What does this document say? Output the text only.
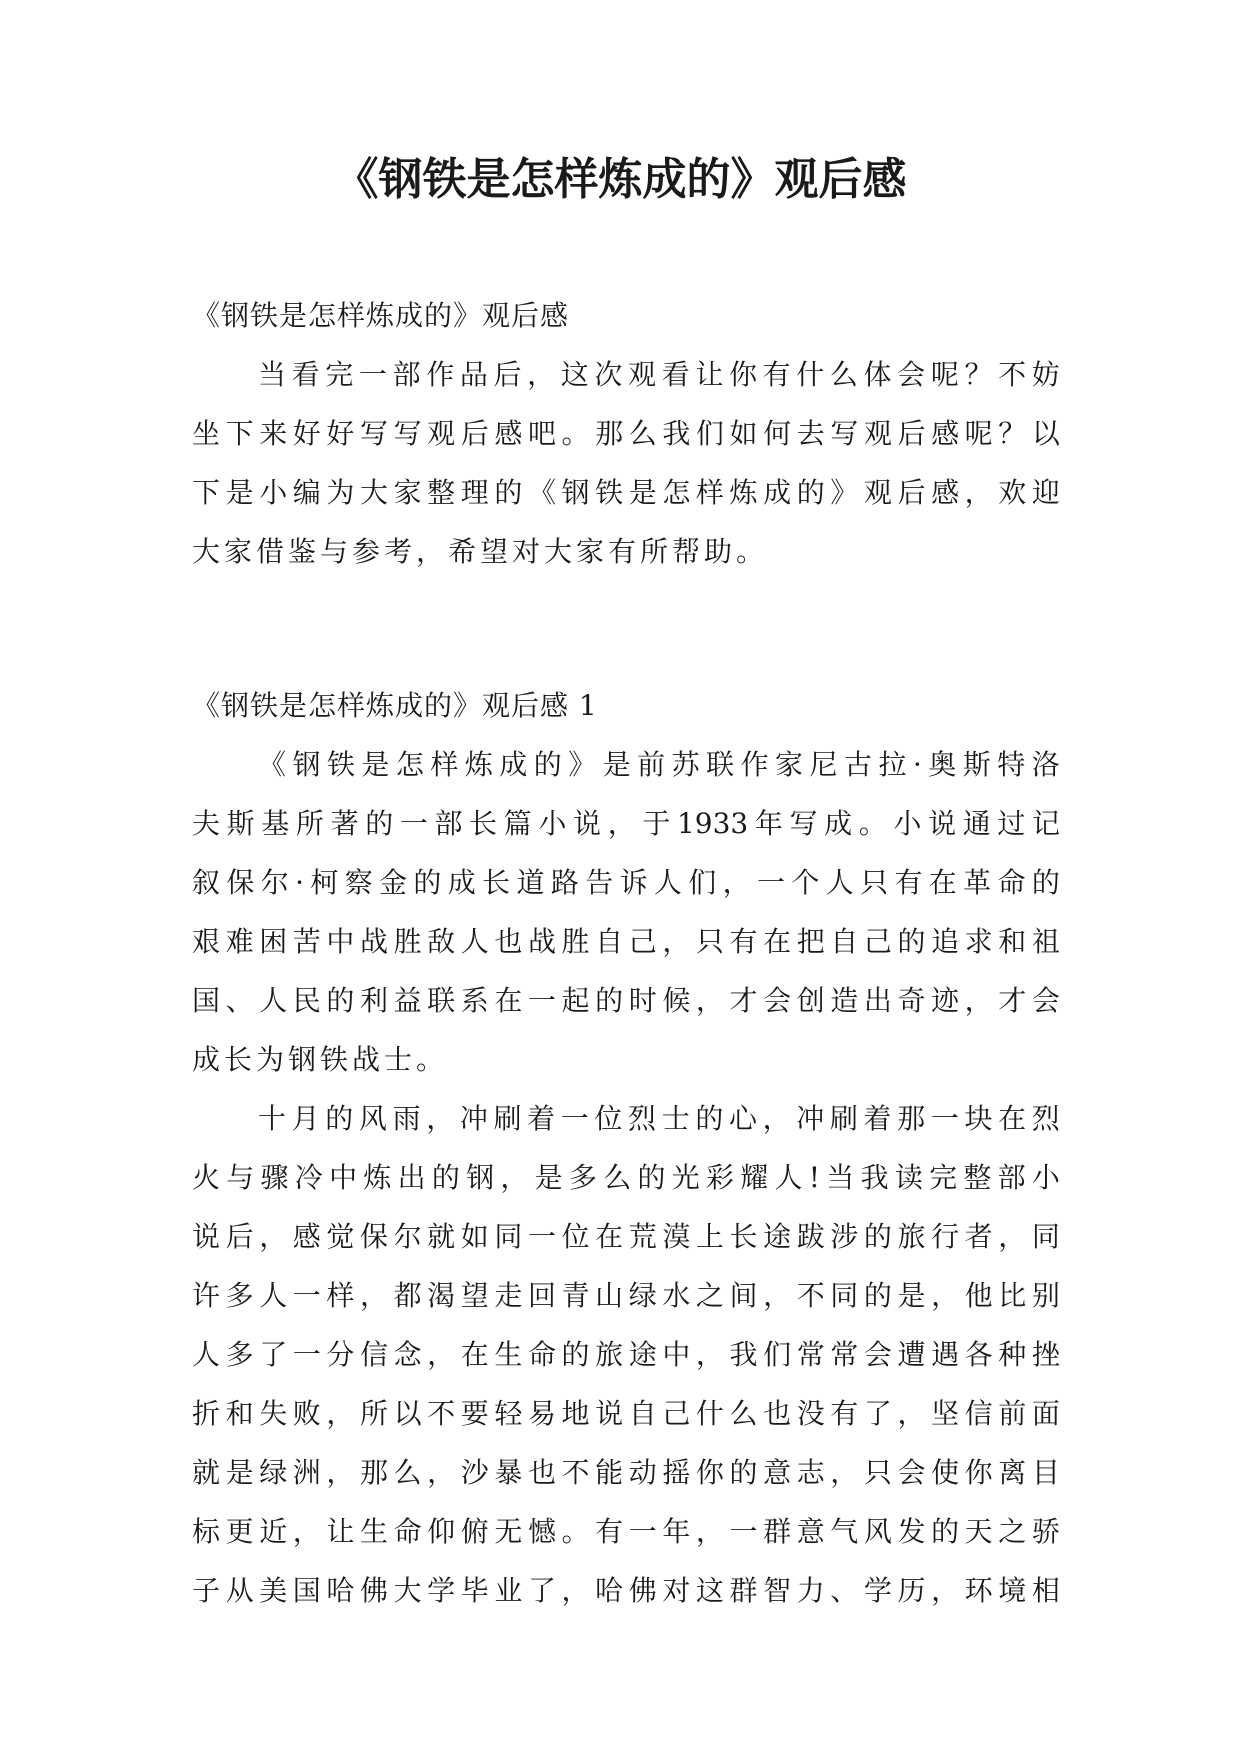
《钢铁是怎样炼成的》观后感
《钢铁是怎样炼成的》观后感
当 看 完 一 部 作 品 后 ， 这 次 观 看 让 你 有 什 么 体 会 呢 ？ 不 妨
坐 下 来 好 好 写 写 观 后 感 吧 。 那 么 我 们 如 何 去 写 观 后 感 呢 ？ 以
下 是 小 编 为 大 家 整 理 的 《 钢 铁 是 怎 样 炼 成 的 》 观 后 感 ， 欢 迎
大家借鉴与参考，希望对大家有所帮助。
《钢铁是怎样炼成的》观后感 1
《 钢 铁 是 怎 样 炼 成 的 》 是 前 苏 联 作 家 尼 古 拉 · 奥 斯 特 洛
夫 斯 基 所 著 的 一 部 长 篇 小 说 ， 于 1933 年 写 成 。 小 说 通 过 记
叙 保 尔 · 柯 察 金 的 成 长 道 路 告 诉 人 们 ， 一 个 人 只 有 在 革 命 的
艰 难 困 苦 中 战 胜 敌 人 也 战 胜 自 己 ， 只 有 在 把 自 己 的 追 求 和 祖
国 、 人 民 的 利 益 联 系 在 一 起 的 时 候 ， 才 会 创 造 出 奇 迹 ， 才 会
成长为钢铁战士。
十 月 的 风 雨 ， 冲 刷 着 一 位 烈 士 的 心 ， 冲 刷 着 那 一 块 在 烈
火 与 骤 冷 中 炼 出 的 钢 ， 是 多 么 的 光 彩 耀 人 ! 当 我 读 完 整 部 小
说 后 ， 感 觉 保 尔 就 如 同 一 位 在 荒 漠 上 长 途 跋 涉 的 旅 行 者 ， 同
许 多 人 一 样 ， 都 渴 望 走 回 青 山 绿 水 之 间 ， 不 同 的 是 ， 他 比 别
人 多 了 一 分 信 念 ， 在 生 命 的 旅 途 中 ， 我 们 常 常 会 遭 遇 各 种 挫
折 和 失 败 ， 所 以 不 要 轻 易 地 说 自 己 什 么 也 没 有 了 ， 坚 信 前 面
就 是 绿 洲 ， 那 么 ， 沙 暴 也 不 能 动 摇 你 的 意 志 ， 只 会 使 你 离 目
标 更 近 ， 让 生 命 仰 俯 无 憾 。 有 一 年 ， 一 群 意 气 风 发 的 天 之 骄
子 从 美 国 哈 佛 大 学 毕 业 了 ， 哈 佛 对 这 群 智 力 、 学 历 ， 环 境 相
